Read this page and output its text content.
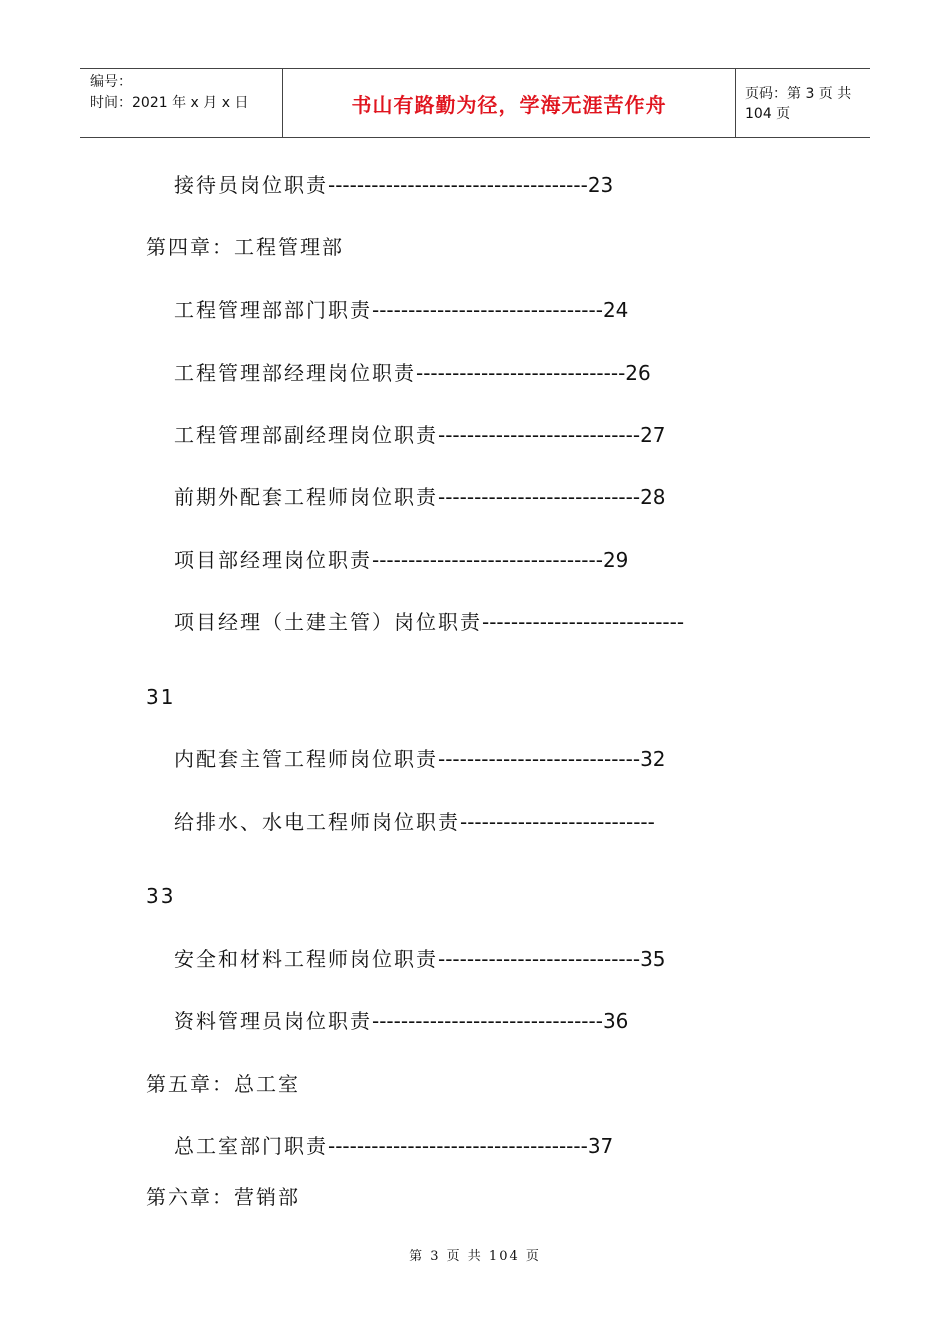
编号：
时间：2021 年 x 月 x 日	书山有路勤为径，学海无涯苦作舟	页码：第 3 页 共 104 页
接待员岗位职责------------------------------------23
第四章：工程管理部
工程管理部部门职责--------------------------------24
工程管理部经理岗位职责-----------------------------26
工程管理部副经理岗位职责----------------------------27
前期外配套工程师岗位职责----------------------------28
项目部经理岗位职责--------------------------------29
项目经理（土建主管）岗位职责----------------------------
31
内配套主管工程师岗位职责----------------------------32
给排水、水电工程师岗位职责---------------------------
33
安全和材料工程师岗位职责----------------------------35
资料管理员岗位职责--------------------------------36
第五章：总工室
总工室部门职责------------------------------------37
第六章：营销部
第 3 页 共 104 页
